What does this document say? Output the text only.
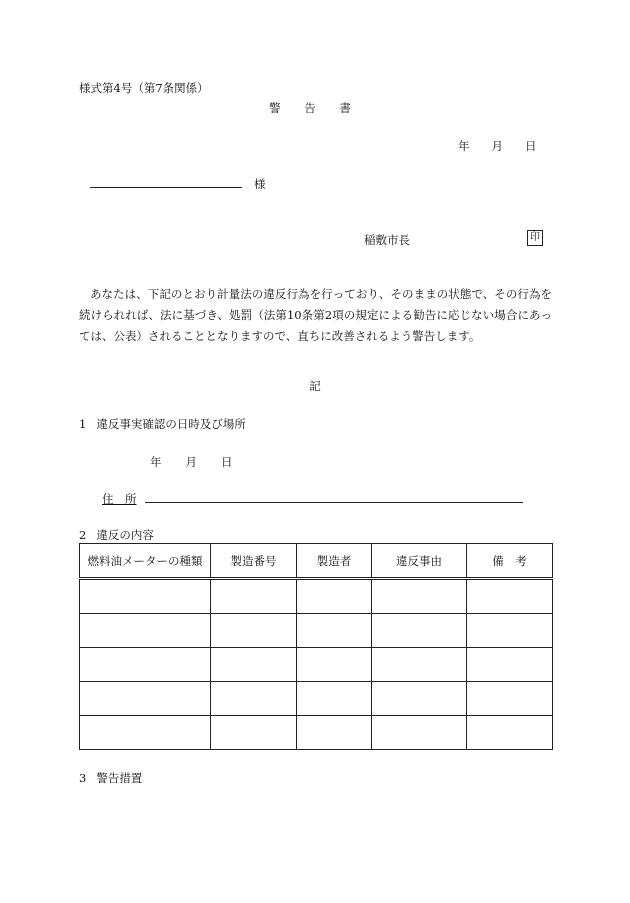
様式第4号（第7条関係）
警 告 書
年 月 日
様
稲敷市長	印
あなたは、下記のとおり計量法の違反行為を行っており、そのままの状態で、その行為を続けられれば、法に基づき、処罰（法第10条第2項の規定による勧告に応じない場合にあっては、公表）されることとなりますので、直ちに改善されるよう警告します。
記
1 違反事実確認の日時及び場所
年 月 日
住　所
2 違反の内容
燃料油メーターの種類	製造番号	製造者	違反事由	備　考

3 警告措置
